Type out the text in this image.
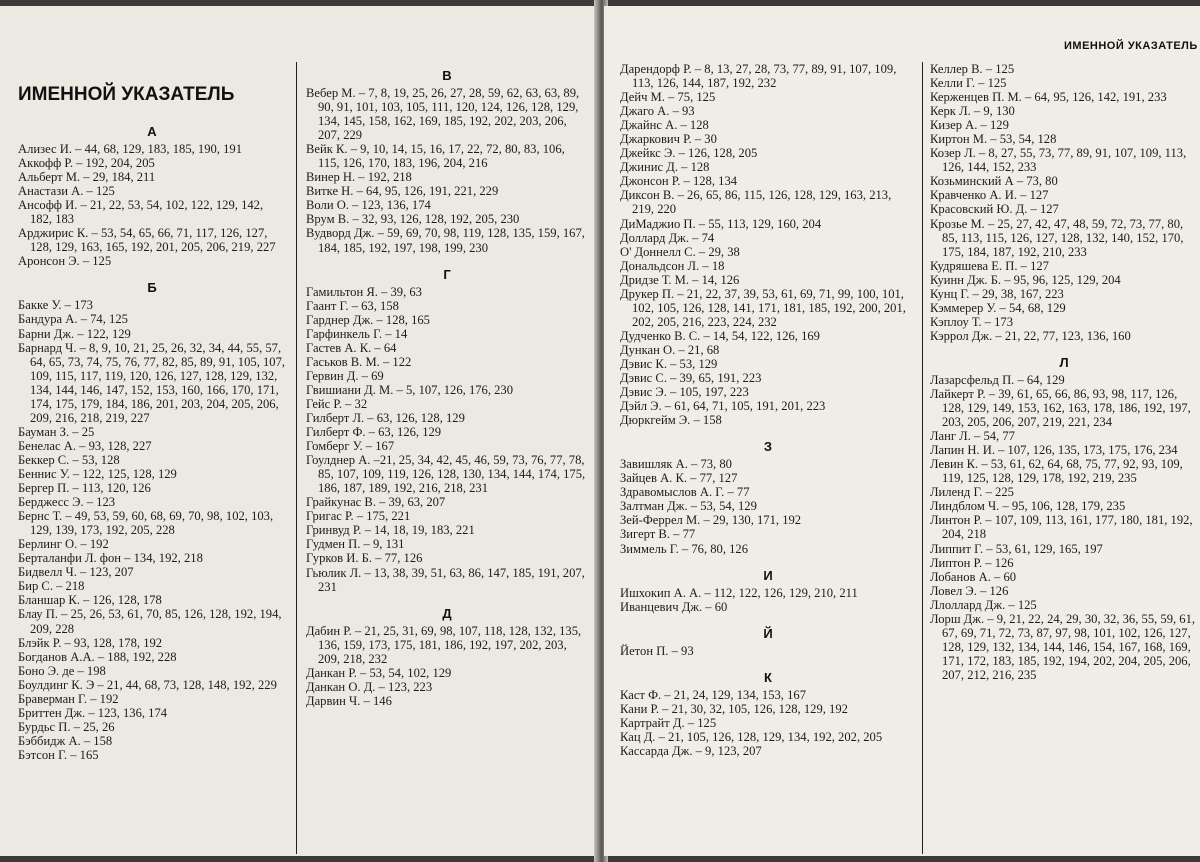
ИМЕННОЙ УКАЗАТЕЛЬ
А
Ализес И. – 44, 68, 129, 183, 185, 190, 191
Аккофф Р. – 192, 204, 205
Альберт М. – 29, 184, 211
Анастази А. – 125
Ансофф И. – 21, 22, 53, 54, 102, 122, 129, 142, 182, 183
Арджирис К. – 53, 54, 65, 66, 71, 117, 126, 127, 128, 129, 163, 165, 192, 201, 205, 206, 219, 227
Аронсон Э. – 125
Б
Бакке У. – 173
Бандура А. – 74, 125
Барни Дж. – 122, 129
Барнард Ч. – 8, 9, 10, 21, 25, 26, 32, 34, 44, 55, 57, 64, 65, 73, 74, 75, 76, 77, 82, 85, 89, 91, 105, 107, 109, 115, 117, 119, 120, 126, 127, 128, 129, 132, 134, 144, 146, 147, 152, 153, 160, 166, 170, 171, 174, 175, 179, 184, 186, 201, 203, 204, 205, 206, 209, 216, 218, 219, 227
Бауман З. – 25
Бенелас А. – 93, 128, 227
Беккер С. – 53, 128
Беннис У. – 122, 125, 128, 129
Бергер П. – 113, 120, 126
Берджесс Э. – 123
Бернс Т. – 49, 53, 59, 60, 68, 69, 70, 98, 102, 103, 129, 139, 173, 192, 205, 228
Берлинг О. – 192
Берталанфи Л. фон – 134, 192, 218
Бидвелл Ч. – 123, 207
Бир С. – 218
Бланшар К. – 126, 128, 178
Блау П. – 25, 26, 53, 61, 70, 85, 126, 128, 192, 194, 209, 228
Блэйк Р. – 93, 128, 178, 192
Богданов А.А. – 188, 192, 228
Боно Э. де – 198
Боулдинг К. Э – 21, 44, 68, 73, 128, 148, 192, 229
Браверман Г. – 192
Бриттен Дж. – 123, 136, 174
Бурдьс П. – 25, 26
Бэббидж А. – 158
Бэтсон Г. – 165
В
Вебер М. – 7, 8, 19, 25, 26, 27, 28, 59, 62, 63, 63, 89, 90, 91, 101, 103, 105, 111, 120, 124, 126, 128, 129, 134, 145, 158, 162, 169, 185, 192, 202, 203, 206, 207, 229
Вейк К. – 9, 10, 14, 15, 16, 17, 22, 72, 80, 83, 106, 115, 126, 170, 183, 196, 204, 216
Винер Н. – 192, 218
Витке Н. – 64, 95, 126, 191, 221, 229
Воли О. – 123, 136, 174
Врум В. – 32, 93, 126, 128, 192, 205, 230
Вудворд Дж. – 59, 69, 70, 98, 119, 128, 135, 159, 167, 184, 185, 192, 197, 198, 199, 230
Г
Гамильтон Я. – 39, 63
Гаант Г. – 63, 158
Гарднер Дж. – 128, 165
Гарфинкель Г. – 14
Гастев А. К. – 64
Гаськов В. М. – 122
Гервин Д. – 69
Гвишиани Д. М. – 5, 107, 126, 176, 230
Гейс Р. – 32
Гилберт Л. – 63, 126, 128, 129
Гилберт Ф. – 63, 126, 129
Гомберг У. – 167
Гоулднер А. –21, 25, 34, 42, 45, 46, 59, 73, 76, 77, 78, 85, 107, 109, 119, 126, 128, 130, 134, 144, 174, 175, 186, 187, 189, 192, 216, 218, 231
Грайкунас В. – 39, 63, 207
Григас Р. – 175, 221
Гринвуд Р. – 14, 18, 19, 183, 221
Гудмен П. – 9, 131
Гурков И. Б. – 77, 126
Гьюлик Л. – 13, 38, 39, 51, 63, 86, 147, 185, 191, 207, 231
Д
Дабин Р. – 21, 25, 31, 69, 98, 107, 118, 128, 132, 135, 136, 159, 173, 175, 181, 186, 192, 197, 202, 203, 209, 218, 232
Данкан Р. – 53, 54, 102, 129
Данкан О. Д. – 123, 223
Дарвин Ч. – 146
ИМЕННОЙ УКАЗАТЕЛЬ
Дарендорф Р. – 8, 13, 27, 28, 73, 77, 89, 91, 107, 109, 113, 126, 144, 187, 192, 232
Дейч М. – 75, 125
Джаго А. – 93
Джайнс А. – 128
Джаркович Р. – 30
Джейкс Э. – 126, 128, 205
Джинис Д. – 128
Джонсон Р. – 128, 134
Диксон В. – 26, 65, 86, 115, 126, 128, 129, 163, 213, 219, 220
ДиМаджио П. – 55, 113, 129, 160, 204
Доллард Дж. – 74
О' Доннелл С. – 29, 38
Дональдсон Л. – 18
Дридзе Т. М. – 14, 126
Друкер П. – 21, 22, 37, 39, 53, 61, 69, 71, 99, 100, 101, 102, 105, 126, 128, 141, 171, 181, 185, 192, 200, 201, 202, 205, 216, 223, 224, 232
Дудченко В. С. – 14, 54, 122, 126, 169
Дункан О. – 21, 68
Дэвис К. – 53, 129
Дэвис С. – 39, 65, 191, 223
Дэвис Э. – 105, 197, 223
Дэйл Э. – 61, 64, 71, 105, 191, 201, 223
Дюркгейм Э. – 158
З
Завишляк А. – 73, 80
Зайцев А. К. – 77, 127
Здравомыслов А. Г. – 77
Залтман Дж. – 53, 54, 129
Зей-Феррел М. – 29, 130, 171, 192
Зигерт В. – 77
Зиммель Г. – 76, 80, 126
И
Ишхокип А. А. – 112, 122, 126, 129, 210, 211
Иванцевич Дж. – 60
Й
Йетон П. – 93
К
Каст Ф. – 21, 24, 129, 134, 153, 167
Кани Р. – 21, 30, 32, 105, 126, 128, 129, 192
Картрайт Д. – 125
Кац Д. – 21, 105, 126, 128, 129, 134, 192, 202, 205
Кассарда Дж. – 9, 123, 207
Келлер В. – 125
Келли Г. – 125
Керженцев П. М. – 64, 95, 126, 142, 191, 233
Керк Л. – 9, 130
Кизер А. – 129
Киртон М. – 53, 54, 128
Козер Л. – 8, 27, 55, 73, 77, 89, 91, 107, 109, 113, 126, 144, 152, 233
Козьминский А – 73, 80
Кравченко А. И. – 127
Красовский Ю. Д. – 127
Крозье М. – 25, 27, 42, 47, 48, 59, 72, 73, 77, 80, 85, 113, 115, 126, 127, 128, 132, 140, 152, 170, 175, 184, 187, 192, 210, 233
Кудряшева Е. П. – 127
Куинн Дж. Б. – 95, 96, 125, 129, 204
Кунц Г. – 29, 38, 167, 223
Кэммерер У. – 54, 68, 129
Кэплоу Т. – 173
Кэррол Дж. – 21, 22, 77, 123, 136, 160
Л
Лазарсфельд П. – 64, 129
Лайкерт Р. – 39, 61, 65, 66, 86, 93, 98, 117, 126, 128, 129, 149, 153, 162, 163, 178, 186, 192, 197, 203, 205, 206, 207, 219, 221, 234
Ланг Л. – 54, 77
Лапин Н. И. – 107, 126, 135, 173, 175, 176, 234
Левин К. – 53, 61, 62, 64, 68, 75, 77, 92, 93, 109, 119, 125, 128, 129, 178, 192, 219, 235
Лиленд Г. – 225
Линдблом Ч. – 95, 106, 128, 179, 235
Линтон Р. – 107, 109, 113, 161, 177, 180, 181, 192, 204, 218
Липпит Г. – 53, 61, 129, 165, 197
Липтон Р. – 126
Лобанов А. – 60
Ловел Э. – 126
Ллоллард Дж. – 125
Лорш Дж. – 9, 21, 22, 24, 29, 30, 32, 36, 55, 59, 61, 67, 69, 71, 72, 73, 87, 97, 98, 101, 102, 126, 127, 128, 129, 132, 134, 144, 146, 154, 167, 168, 169, 171, 172, 183, 185, 192, 194, 202, 204, 205, 206, 207, 212, 216, 235
